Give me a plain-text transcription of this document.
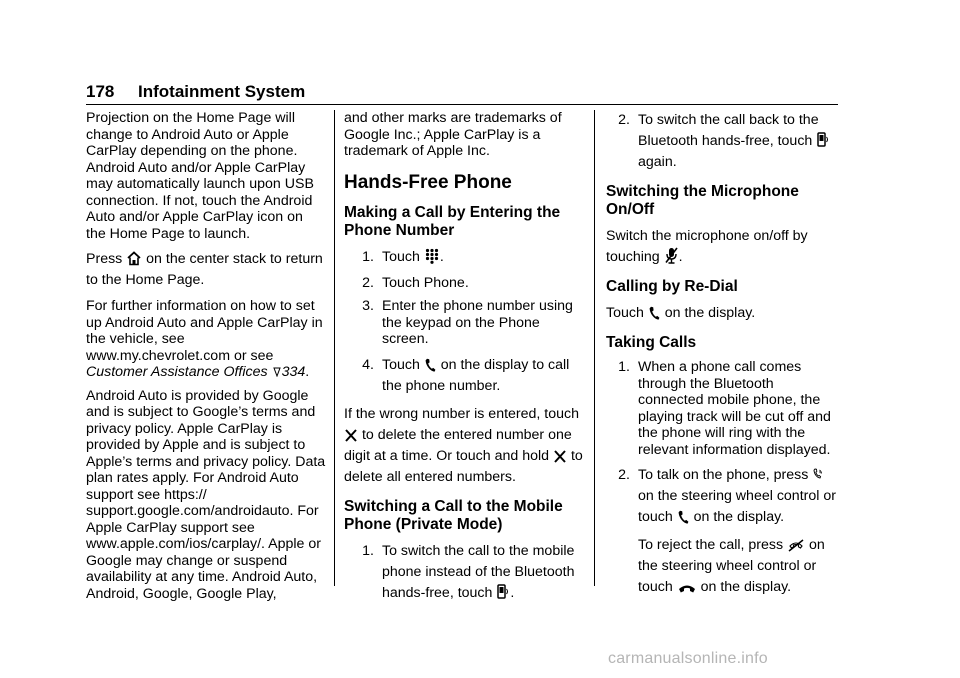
178 Infotainment System

Projection on the Home Page will change to Android Auto or Apple CarPlay depending on the phone. Android Auto and/or Apple CarPlay may automatically launch upon USB connection. If not, touch the Android Auto and/or Apple CarPlay icon on the Home Page to launch.

Press on the center stack to return to the Home Page.

For further information on how to set up Android Auto and Apple CarPlay in the vehicle, see www.my.chevrolet.com or see Customer Assistance Offices 334.

Android Auto is provided by Google and is subject to Google’s terms and privacy policy. Apple CarPlay is provided by Apple and is subject to Apple’s terms and privacy policy. Data plan rates apply. For Android Auto support see https:// support.google.com/androidauto. For Apple CarPlay support see www.apple.com/ios/carplay/. Apple or Google may change or suspend availability at any time. Android Auto, Android, Google, Google Play,

and other marks are trademarks of Google Inc.; Apple CarPlay is a trademark of Apple Inc.

Hands-Free Phone
Making a Call by Entering the Phone Number
1. Touch .
2. Touch Phone.
3. Enter the phone number using the keypad on the Phone screen.
4. Touch on the display to call the phone number.

If the wrong number is entered, touch
to delete the entered number one digit at a time. Or touch and hold to delete all entered numbers.

Switching a Call to the Mobile Phone (Private Mode)
1. To switch the call to the mobile phone instead of the Bluetooth hands-free, touch .
2. To switch the call back to the Bluetooth hands-free, touch
again.
Switching the Microphone On/Off

Switch the microphone on/off by touching .

Calling by Re-Dial

Touch on the display.

Taking Calls
1. When a phone call comes through the Bluetooth connected mobile phone, the playing track will be cut off and the phone will ring with the relevant information displayed.
2. To talk on the phone, press
on the steering wheel control or touch on the display.

To reject the call, press on the steering wheel control or touch on the display.

carmanualsonline.info
